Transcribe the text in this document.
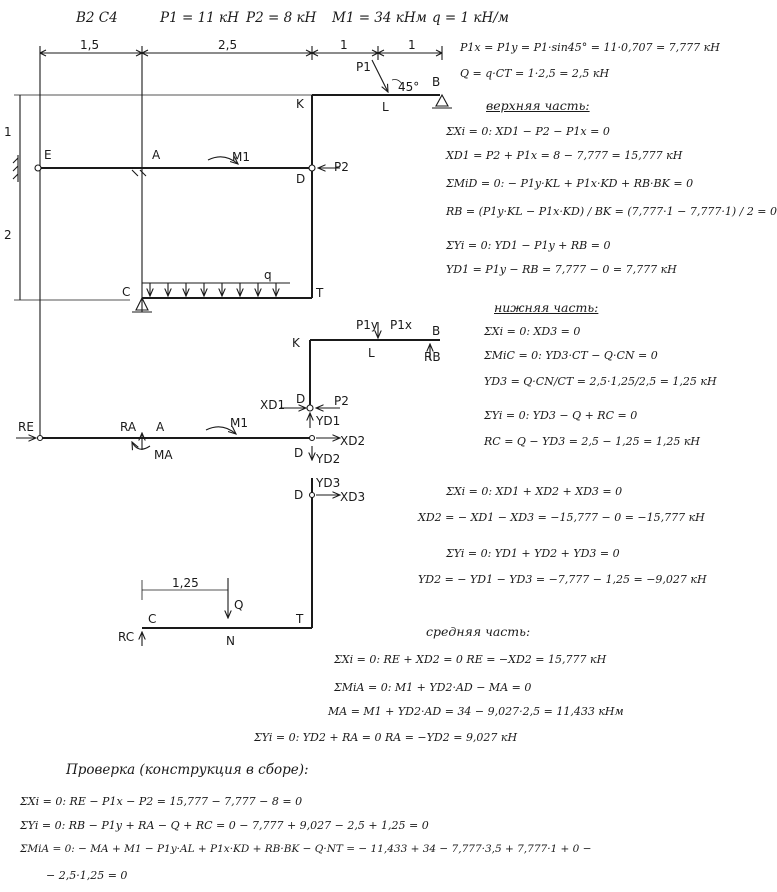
1,5	2,5	1	1
1
2
1,25
E	A
D
K	L
B
C	T
P1
P2
M1
q
45°
K
L
B
P1y P1x
RB
XD1 D P2
YD1
RE	RA A
MA
M1
D
XD2
YD2
YD3
D	XD3
Q
C	T
N
RC
В2 С4	P1 = 11 кН P2 = 8 кН M1 = 34 кНм q = 1 кН/м
P1x = P1y = P1·sin45° = 11·0,707 = 7,777 кН
Q = q·CT = 1·2,5 = 2,5 кН
верхняя часть:
ΣXi = 0: XD1 − P2 − P1x = 0
XD1 = P2 + P1x = 8 − 7,777 = 15,777 кН
ΣMiD = 0: − P1y·KL + P1x·KD + RB·BK = 0
RB = (P1y·KL − P1x·KD) / BK = (7,777·1 − 7,777·1) / 2 = 0
ΣYi = 0: YD1 − P1y + RB = 0
YD1 = P1y − RB = 7,777 − 0 = 7,777 кН
нижняя часть:
ΣXi = 0: XD3 = 0
ΣMiC = 0: YD3·CT − Q·CN = 0
YD3 = Q·CN/CT = 2,5·1,25/2,5 = 1,25 кН
ΣYi = 0: YD3 − Q + RC = 0
RC = Q − YD3 = 2,5 − 1,25 = 1,25 кН
ΣXi = 0: XD1 + XD2 + XD3 = 0
XD2 = − XD1 − XD3 = −15,777 − 0 = −15,777 кН
ΣYi = 0: YD1 + YD2 + YD3 = 0
YD2 = − YD1 − YD3 = −7,777 − 1,25 = −9,027 кН
средняя часть:
ΣXi = 0: RE + XD2 = 0 RE = −XD2 = 15,777 кН
ΣMiA = 0: M1 + YD2·AD − MA = 0
MA = M1 + YD2·AD = 34 − 9,027·2,5 = 11,433 кНм
ΣYi = 0: YD2 + RA = 0 RA = −YD2 = 9,027 кН
Проверка (конструкция в сборе):
ΣXi = 0: RE − P1x − P2 = 15,777 − 7,777 − 8 = 0
ΣYi = 0: RB − P1y + RA − Q + RC = 0 − 7,777 + 9,027 − 2,5 + 1,25 = 0
ΣMiA = 0: − MA + M1 − P1y·AL + P1x·KD + RB·BK − Q·NT = − 11,433 + 34 − 7,777·3,5 + 7,777·1 + 0 −
− 2,5·1,25 = 0
